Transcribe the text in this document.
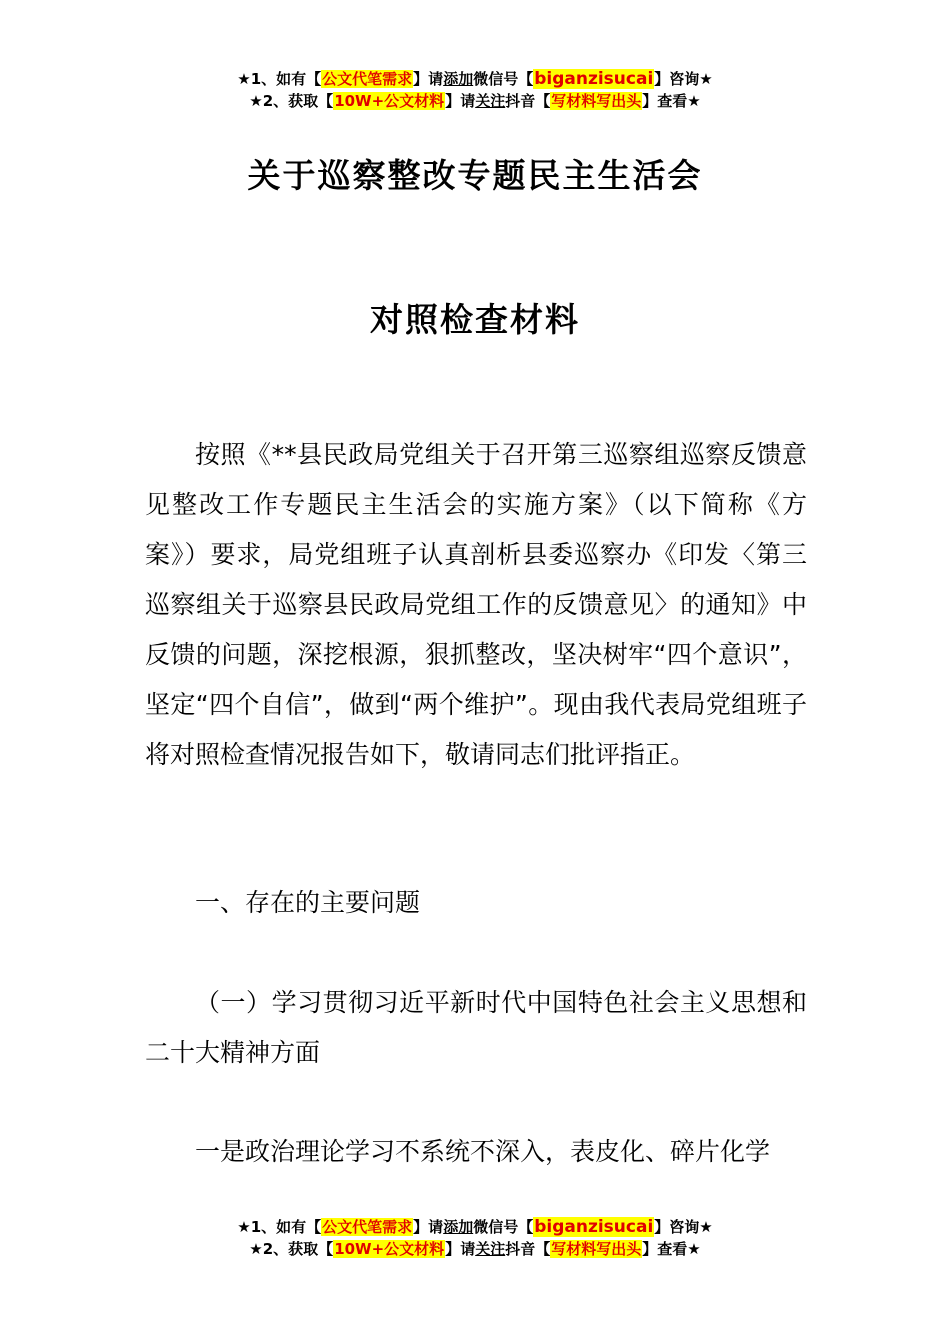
★1、如有【公文代笔需求】请添加微信号【biganzisucai】咨询★
★2、获取【10W+公文材料】请关注抖音【写材料写出头】查看★
关于巡察整改专题民主生活会
对照检查材料

按照《**县民政局党组关于召开第三巡察组巡察反馈意见整改工作专题民主生活会的实施方案》（以下简称《方案》）要求，局党组班子认真剖析县委巡察办《印发〈第三巡察组关于巡察县民政局党组工作的反馈意见〉的通知》中反馈的问题，深挖根源，狠抓整改，坚决树牢“四个意识”，坚定“四个自信”，做到“两个维护”。现由我代表局党组班子将对照检查情况报告如下，敬请同志们批评指正。

一、存在的主要问题

（一）学习贯彻习近平新时代中国特色社会主义思想和二十大精神方面

一是政治理论学习不系统不深入，表皮化、碎片化学

★1、如有【公文代笔需求】请添加微信号【biganzisucai】咨询★
★2、获取【10W+公文材料】请关注抖音【写材料写出头】查看★
